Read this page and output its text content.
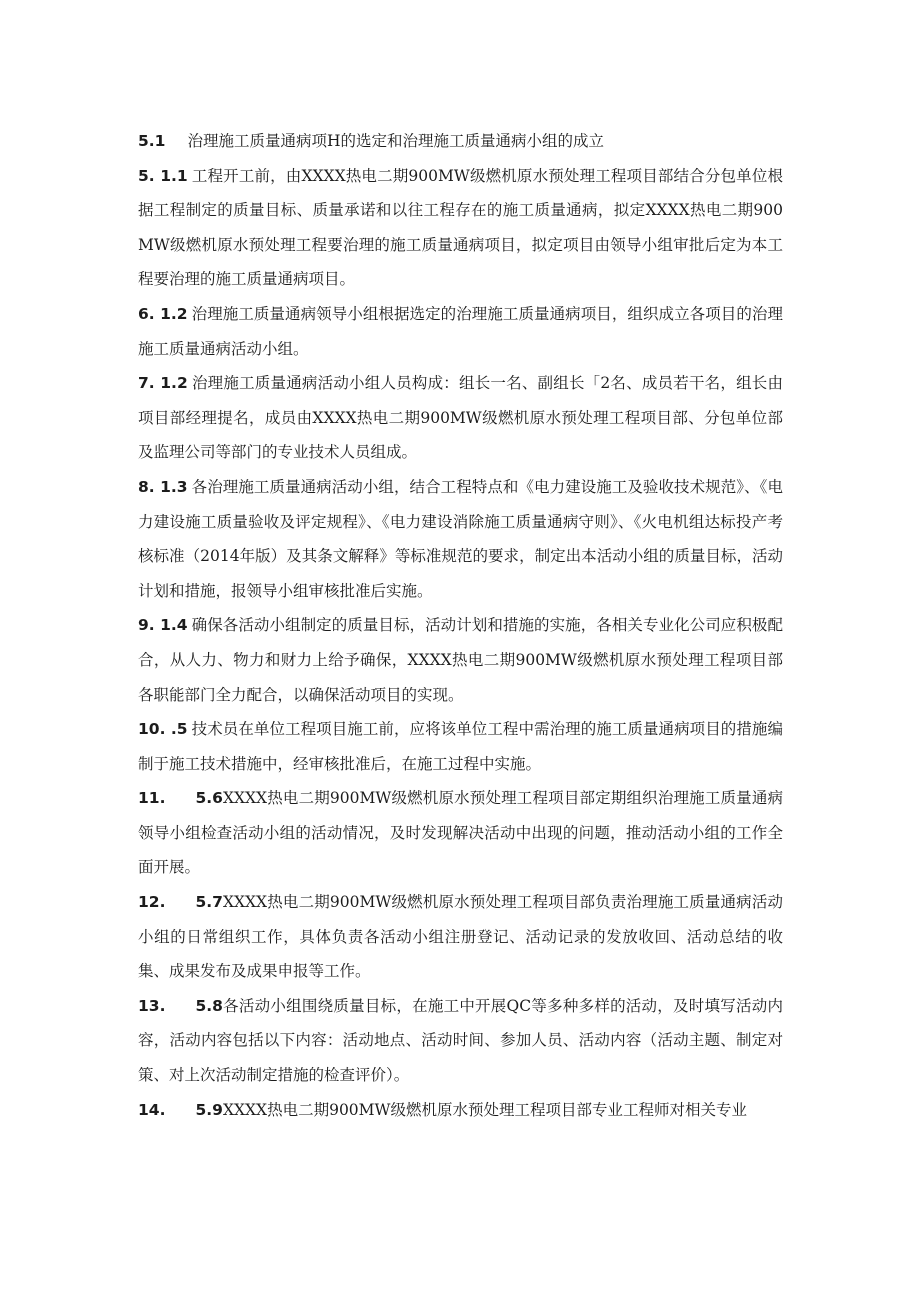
5.1 治理施工质量通病项H的选定和治理施工质量通病小组的成立

5. 1.1 工程开工前，由XXXX热电二期900MW级燃机原水预处理工程项目部结合分包单位根据工程制定的质量目标、质量承诺和以往工程存在的施工质量通病，拟定XXXX热电二期900MW级燃机原水预处理工程要治理的施工质量通病项目，拟定项目由领导小组审批后定为本工程要治理的施工质量通病项目。

6. 1.2 治理施工质量通病领导小组根据选定的治理施工质量通病项目，组织成立各项目的治理施工质量通病活动小组。

7. 1.2 治理施工质量通病活动小组人员构成：组长一名、副组长「2名、成员若干名，组长由项目部经理提名，成员由XXXX热电二期900MW级燃机原水预处理工程项目部、分包单位部及监理公司等部门的专业技术人员组成。

8. 1.3 各治理施工质量通病活动小组，结合工程特点和《电力建设施工及验收技术规范》、《电力建设施工质量验收及评定规程》、《电力建设消除施工质量通病守则》、《火电机组达标投产考核标准（2014年版）及其条文解释》等标准规范的要求，制定出本活动小组的质量目标，活动计划和措施，报领导小组审核批准后实施。

9. 1.4 确保各活动小组制定的质量目标，活动计划和措施的实施，各相关专业化公司应积极配合，从人力、物力和财力上给予确保，XXXX热电二期900MW级燃机原水预处理工程项目部各职能部门全力配合，以确保活动项目的实现。

10. .5 技术员在单位工程项目施工前，应将该单位工程中需治理的施工质量通病项目的措施编制于施工技术措施中，经审核批准后，在施工过程中实施。

11. 5.6XXXX热电二期900MW级燃机原水预处理工程项目部定期组织治理施工质量通病领导小组检查活动小组的活动情况，及时发现解决活动中出现的问题，推动活动小组的工作全面开展。

12. 5.7XXXX热电二期900MW级燃机原水预处理工程项目部负责治理施工质量通病活动小组的日常组织工作，具体负责各活动小组注册登记、活动记录的发放收回、活动总结的收集、成果发布及成果申报等工作。

13. 5.8各活动小组围绕质量目标，在施工中开展QC等多种多样的活动，及时填写活动内容，活动内容包括以下内容：活动地点、活动时间、参加人员、活动内容（活动主题、制定对策、对上次活动制定措施的检查评价）。

14. 5.9XXXX热电二期900MW级燃机原水预处理工程项目部专业工程师对相关专业
